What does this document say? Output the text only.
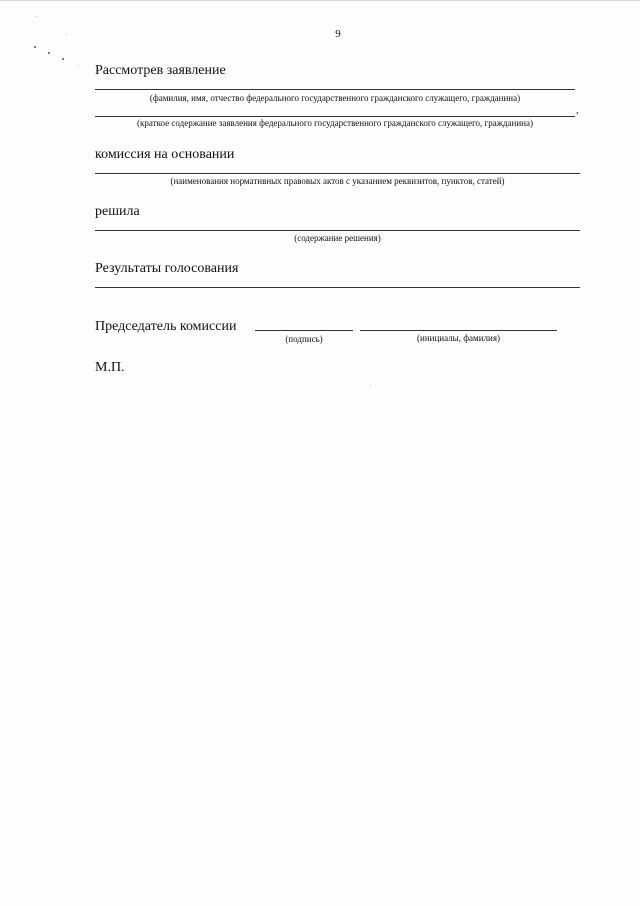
9
Рассмотрев заявление
(фамилия, имя, отчество федерального государственного гражданского служащего, гражданина)
,
(краткое содержание заявления федерального государственного гражданского служащего, гражданина)
комиссия на основании
(наименования нормативных правовых актов с указанием реквизитов, пунктов, статей)
решила
(содержание решения)
Результаты голосования
Председатель комиссии
(подпись)	(инициалы, фамилия)
М.П.
